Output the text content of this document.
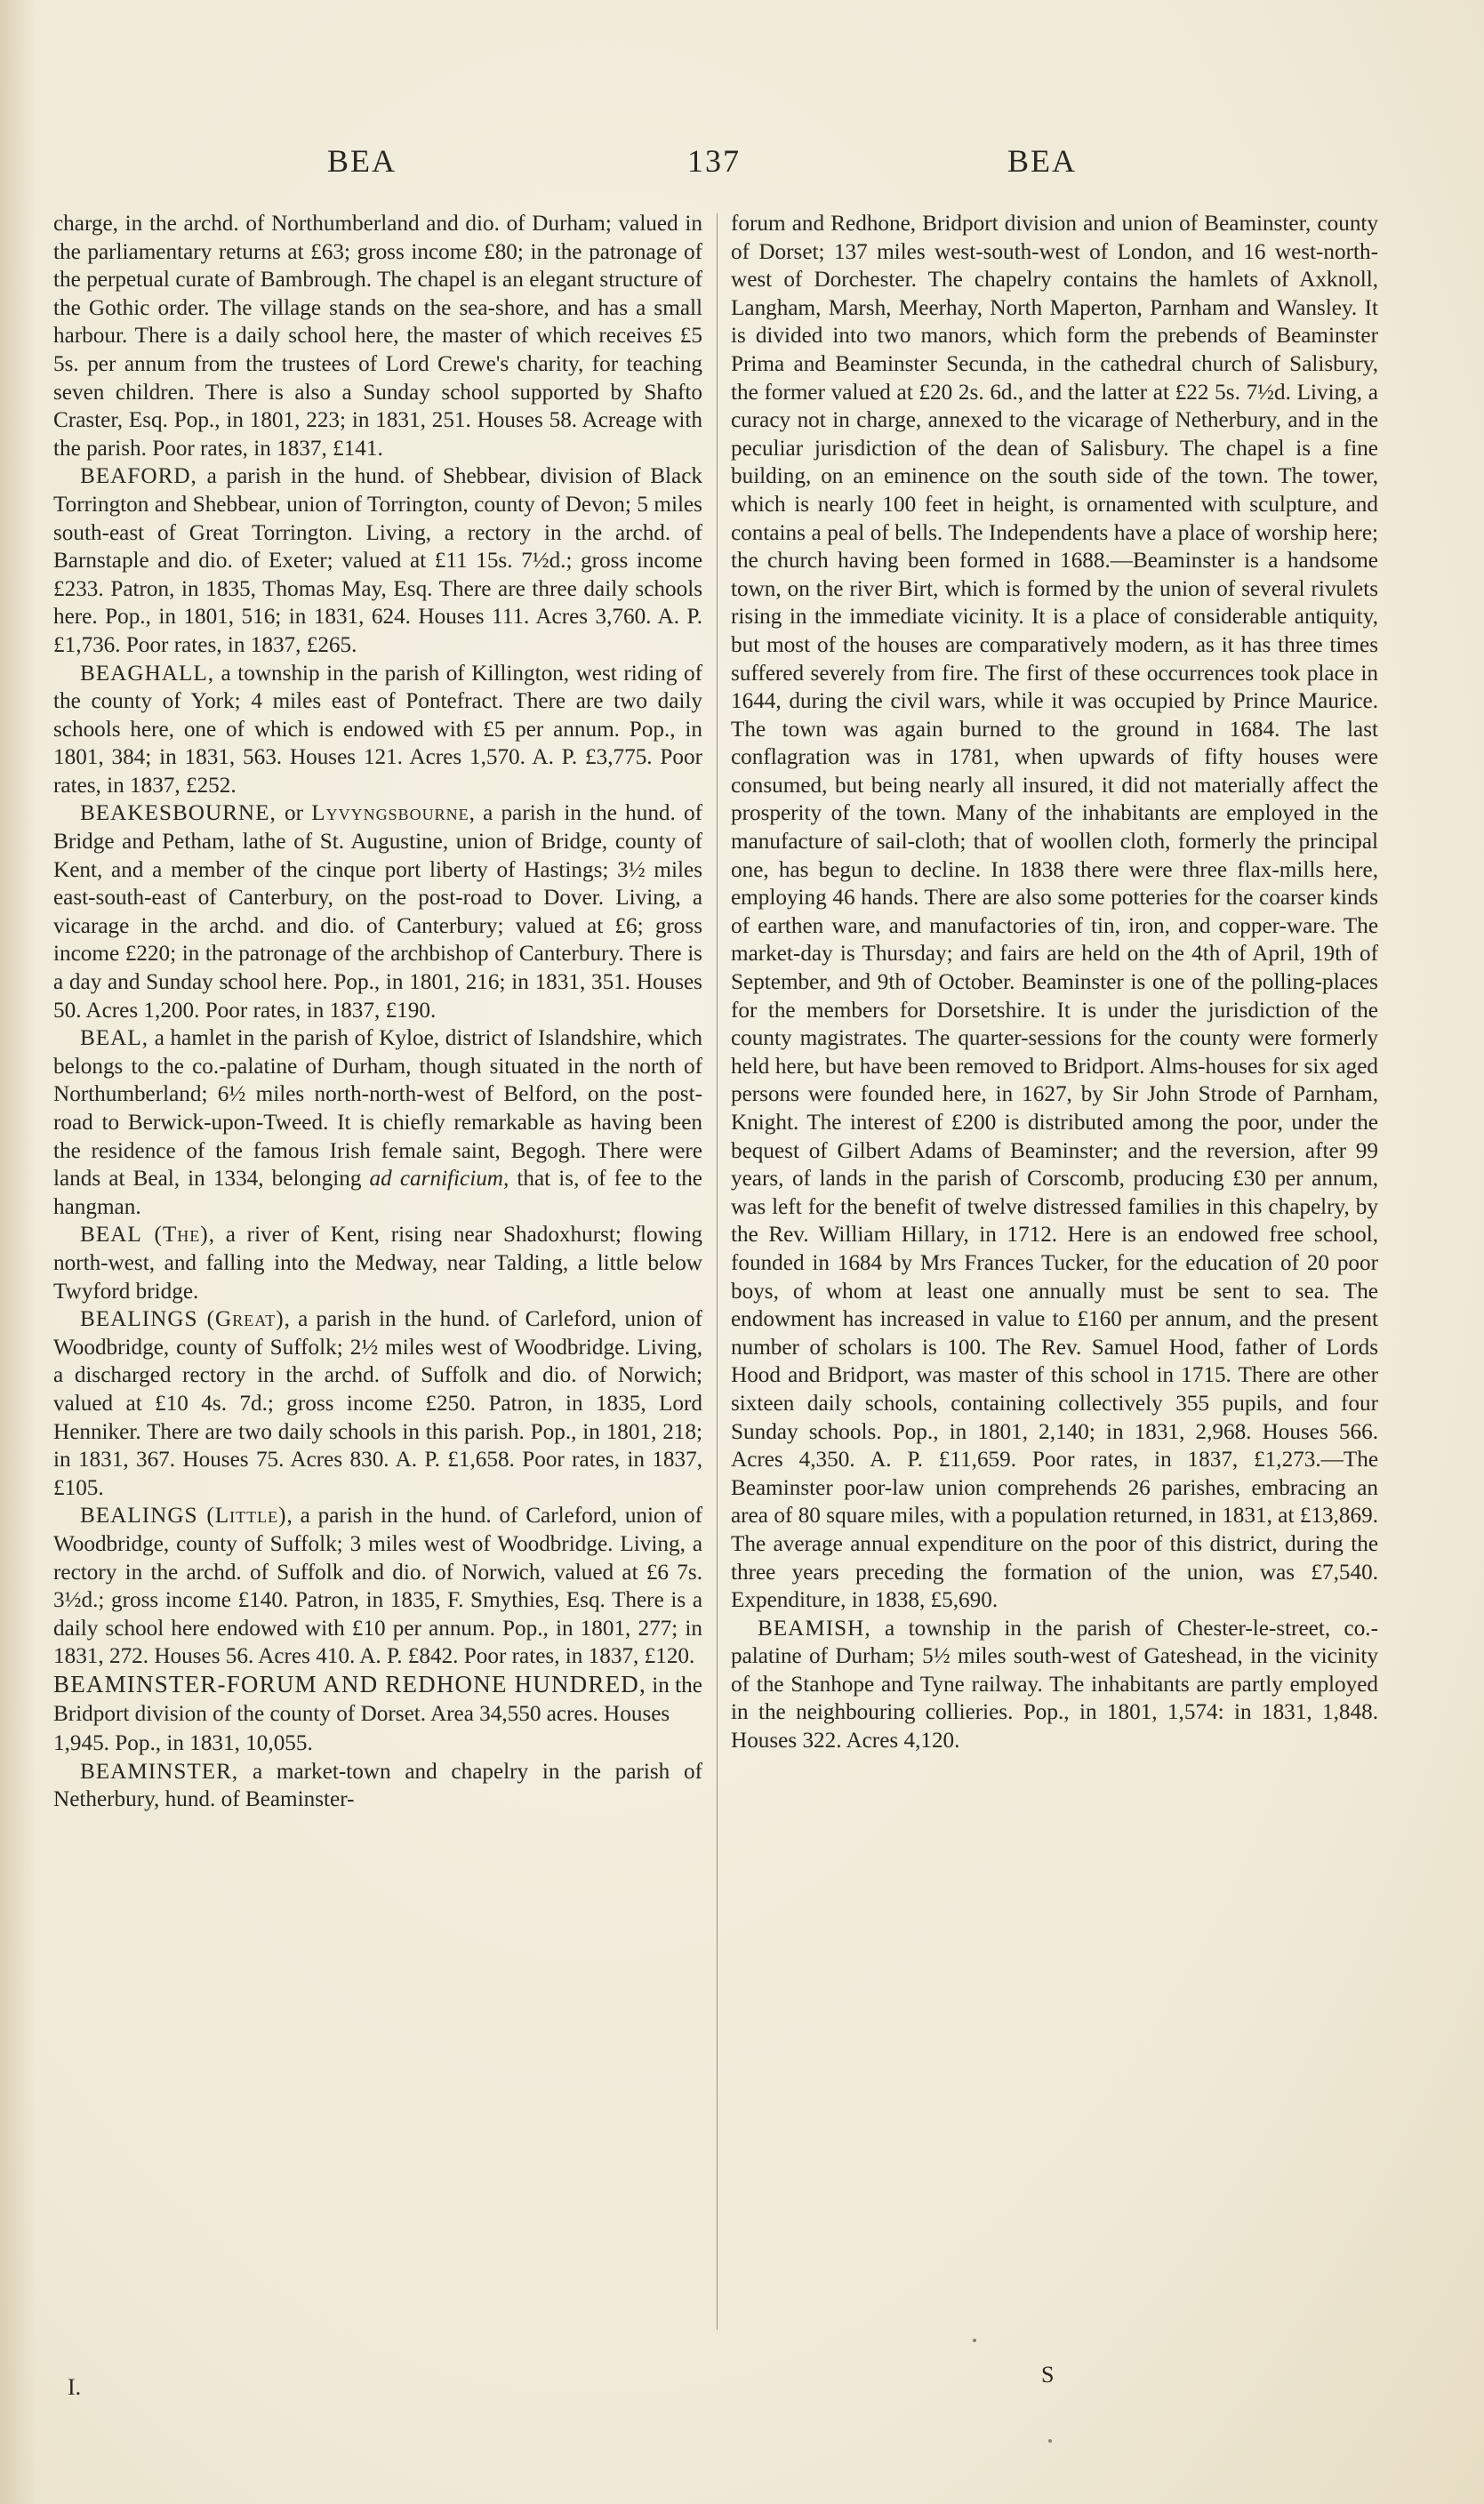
BEA	137	BEA

charge, in the archd. of Northumberland and dio. of Durham; valued in the parliamentary returns at £63; gross income £80; in the patronage of the perpetual curate of Bambrough. The chapel is an elegant structure of the Gothic order. The village stands on the sea-shore, and has a small harbour. There is a daily school here, the master of which receives £5 5s. per annum from the trustees of Lord Crewe's charity, for teaching seven children. There is also a Sunday school supported by Shafto Craster, Esq. Pop., in 1801, 223; in 1831, 251. Houses 58. Acreage with the parish. Poor rates, in 1837, £141.

BEAFORD, a parish in the hund. of Shebbear, division of Black Torrington and Shebbear, union of Torrington, county of Devon; 5 miles south-east of Great Torrington. Living, a rectory in the archd. of Barnstaple and dio. of Exeter; valued at £11 15s. 7½d.; gross income £233. Patron, in 1835, Thomas May, Esq. There are three daily schools here. Pop., in 1801, 516; in 1831, 624. Houses 111. Acres 3,760. A. P. £1,736. Poor rates, in 1837, £265.

BEAGHALL, a township in the parish of Killington, west riding of the county of York; 4 miles east of Pontefract. There are two daily schools here, one of which is endowed with £5 per annum. Pop., in 1801, 384; in 1831, 563. Houses 121. Acres 1,570. A. P. £3,775. Poor rates, in 1837, £252.

BEAKESBOURNE, or Lyvyngsbourne, a parish in the hund. of Bridge and Petham, lathe of St. Augustine, union of Bridge, county of Kent, and a member of the cinque port liberty of Hastings; 3½ miles east-south-east of Canterbury, on the post-road to Dover. Living, a vicarage in the archd. and dio. of Canterbury; valued at £6; gross income £220; in the patronage of the archbishop of Canterbury. There is a day and Sunday school here. Pop., in 1801, 216; in 1831, 351. Houses 50. Acres 1,200. Poor rates, in 1837, £190.

BEAL, a hamlet in the parish of Kyloe, district of Islandshire, which belongs to the co.-palatine of Durham, though situated in the north of Northumberland; 6½ miles north-north-west of Belford, on the post-road to Berwick-upon-Tweed. It is chiefly remarkable as having been the residence of the famous Irish female saint, Begogh. There were lands at Beal, in 1334, belonging ad carnificium, that is, of fee to the hangman.

BEAL (The), a river of Kent, rising near Shadoxhurst; flowing north-west, and falling into the Medway, near Talding, a little below Twyford bridge.

BEALINGS (Great), a parish in the hund. of Carleford, union of Woodbridge, county of Suffolk; 2½ miles west of Woodbridge. Living, a discharged rectory in the archd. of Suffolk and dio. of Norwich; valued at £10 4s. 7d.; gross income £250. Patron, in 1835, Lord Henniker. There are two daily schools in this parish. Pop., in 1801, 218; in 1831, 367. Houses 75. Acres 830. A. P. £1,658. Poor rates, in 1837, £105.

BEALINGS (Little), a parish in the hund. of Carleford, union of Woodbridge, county of Suffolk; 3 miles west of Woodbridge. Living, a rectory in the archd. of Suffolk and dio. of Norwich, valued at £6 7s. 3½d.; gross income £140. Patron, in 1835, F. Smythies, Esq. There is a daily school here endowed with £10 per annum. Pop., in 1801, 277; in 1831, 272. Houses 56. Acres 410. A. P. £842. Poor rates, in 1837, £120.

BEAMINSTER-FORUM AND REDHONE HUNDRED, in the Bridport division of the county of Dorset. Area 34,550 acres. Houses 1,945. Pop., in 1831, 10,055.

BEAMINSTER, a market-town and chapelry in the parish of Netherbury, hund. of Beaminster-

forum and Redhone, Bridport division and union of Beaminster, county of Dorset; 137 miles west-south-west of London, and 16 west-north-west of Dorchester. The chapelry contains the hamlets of Axknoll, Langham, Marsh, Meerhay, North Maperton, Parnham and Wansley. It is divided into two manors, which form the prebends of Beaminster Prima and Beaminster Secunda, in the cathedral church of Salisbury, the former valued at £20 2s. 6d., and the latter at £22 5s. 7½d. Living, a curacy not in charge, annexed to the vicarage of Netherbury, and in the peculiar jurisdiction of the dean of Salisbury. The chapel is a fine building, on an eminence on the south side of the town. The tower, which is nearly 100 feet in height, is ornamented with sculpture, and contains a peal of bells. The Independents have a place of worship here; the church having been formed in 1688.—Beaminster is a handsome town, on the river Birt, which is formed by the union of several rivulets rising in the immediate vicinity. It is a place of considerable antiquity, but most of the houses are comparatively modern, as it has three times suffered severely from fire. The first of these occurrences took place in 1644, during the civil wars, while it was occupied by Prince Maurice. The town was again burned to the ground in 1684. The last conflagration was in 1781, when upwards of fifty houses were consumed, but being nearly all insured, it did not materially affect the prosperity of the town. Many of the inhabitants are employed in the manufacture of sail-cloth; that of woollen cloth, formerly the principal one, has begun to decline. In 1838 there were three flax-mills here, employing 46 hands. There are also some potteries for the coarser kinds of earthen ware, and manufactories of tin, iron, and copper-ware. The market-day is Thursday; and fairs are held on the 4th of April, 19th of September, and 9th of October. Beaminster is one of the polling-places for the members for Dorsetshire. It is under the jurisdiction of the county magistrates. The quarter-sessions for the county were formerly held here, but have been removed to Bridport. Alms-houses for six aged persons were founded here, in 1627, by Sir John Strode of Parnham, Knight. The interest of £200 is distributed among the poor, under the bequest of Gilbert Adams of Beaminster; and the reversion, after 99 years, of lands in the parish of Corscomb, producing £30 per annum, was left for the benefit of twelve distressed families in this chapelry, by the Rev. William Hillary, in 1712. Here is an endowed free school, founded in 1684 by Mrs Frances Tucker, for the education of 20 poor boys, of whom at least one annually must be sent to sea. The endowment has increased in value to £160 per annum, and the present number of scholars is 100. The Rev. Samuel Hood, father of Lords Hood and Bridport, was master of this school in 1715. There are other sixteen daily schools, containing collectively 355 pupils, and four Sunday schools. Pop., in 1801, 2,140; in 1831, 2,968. Houses 566. Acres 4,350. A. P. £11,659. Poor rates, in 1837, £1,273.—The Beaminster poor-law union comprehends 26 parishes, embracing an area of 80 square miles, with a population returned, in 1831, at £13,869. The average annual expenditure on the poor of this district, during the three years preceding the formation of the union, was £7,540. Expenditure, in 1838, £5,690.

BEAMISH, a township in the parish of Chester-le-street, co.-palatine of Durham; 5½ miles south-west of Gateshead, in the vicinity of the Stanhope and Tyne railway. The inhabitants are partly employed in the neighbouring collieries. Pop., in 1801, 1,574: in 1831, 1,848. Houses 322. Acres 4,120.

I.	S
